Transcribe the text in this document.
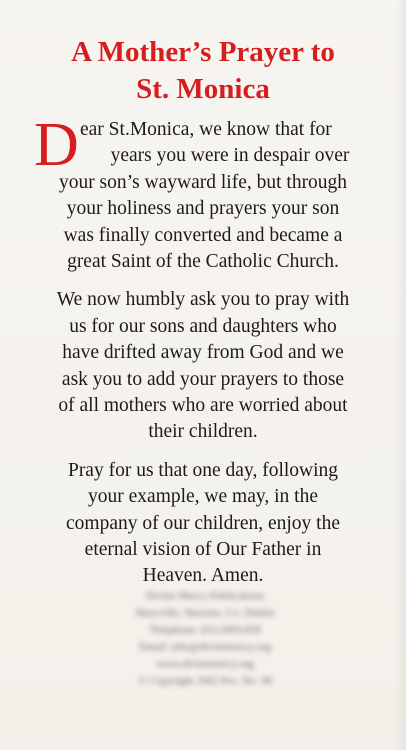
A Mother’s Prayer to
St. Monica
D ear St.Monica, we know that for
years you were in despair over
your son’s wayward life, but through
your holiness and prayers your son
was finally converted and became a
great Saint of the Catholic Church.
We now humbly ask you to pray with
us for our sons and daughters who
have drifted away from God and we
ask you to add your prayers to those
of all mothers who are worried about
their children.
Pray for us that one day, following
your example, we may, in the
company of our children, enjoy the
eternal vision of Our Father in
Heaven. Amen.
Divine Mercy Publications
Maryville, Skerries, Co. Dublin
Telephone: (01) 8491458
Email: info@divinemercy.org
www.divinemercy.org
© Copyright 2002 Pro. No. 98
